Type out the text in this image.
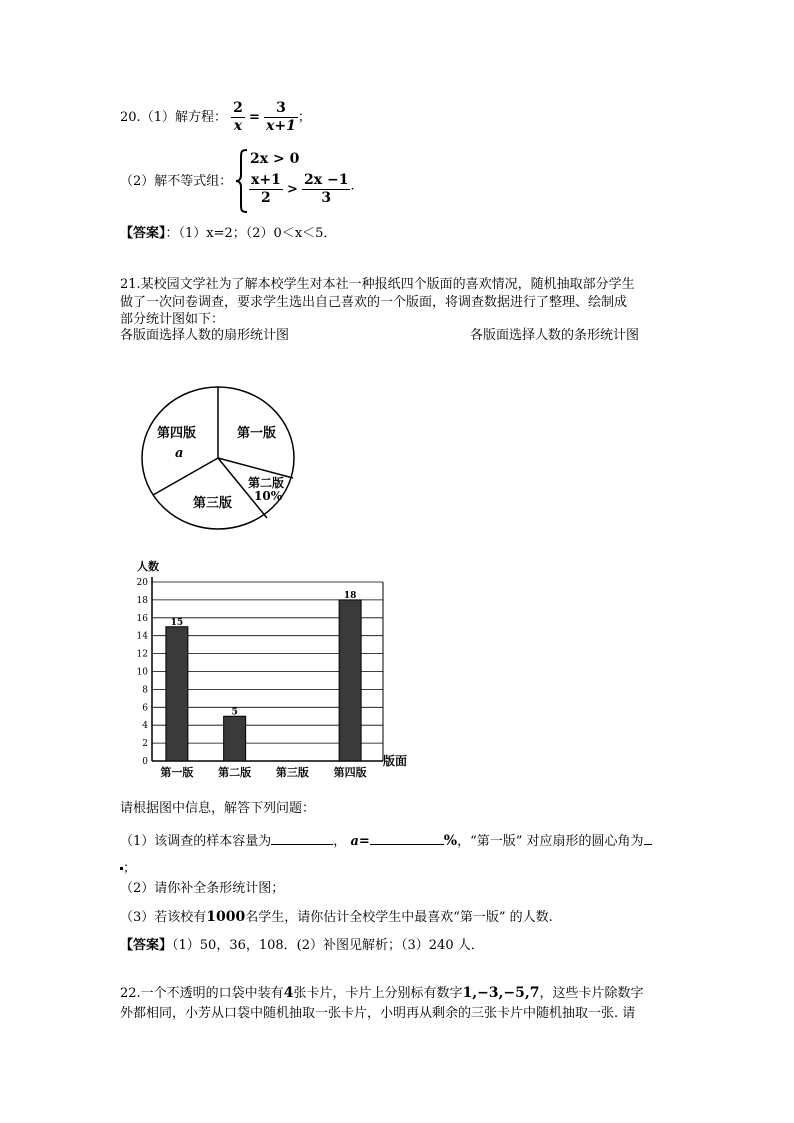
20.（1）解方程： $\frac{2}{x} = \frac{3}{x+1}$ ；
（2）解不等式组：
2x > 0
$\frac{x+1}{2} > \frac{2x -1}{3}$ ·
【答案】：（1）x=2；（2）0＜x＜5．
21.某校园文学社为了解本校学生对本社一种报纸四个版面的喜欢情况，随机抽取部分学生
做了一次问卷调查，要求学生选出自己喜欢的一个版面，将调查数据进行了整理、绘制成
部分统计图如下：
各版面选择人数的扇形统计图	各版面选择人数的条形统计图
第一版
第四版
a
第二版
10%
第三版
人数
版面
0
2
4
6
8
10
12
14
16
18
20
15
第一版
5
第二版 第三版
18
第四版
请根据图中信息，解答下列问题：
（1）该调查的样本容量为	， a=	%，“第一版” 对应扇形的圆心角为
；
（2）请你补全条形统计图；
（3）若该校有1000名学生，请你估计全校学生中最喜欢“第一版” 的人数.
【答案】（1）50，36，108．(2）补图见解析；（3）240 人．
22.一个不透明的口袋中装有4张卡片，卡片上分别标有数字1,−3,−5,7，这些卡片除数字
外都相同，小芳从口袋中随机抽取一张卡片，小明再从剩余的三张卡片中随机抽取一张. 请
